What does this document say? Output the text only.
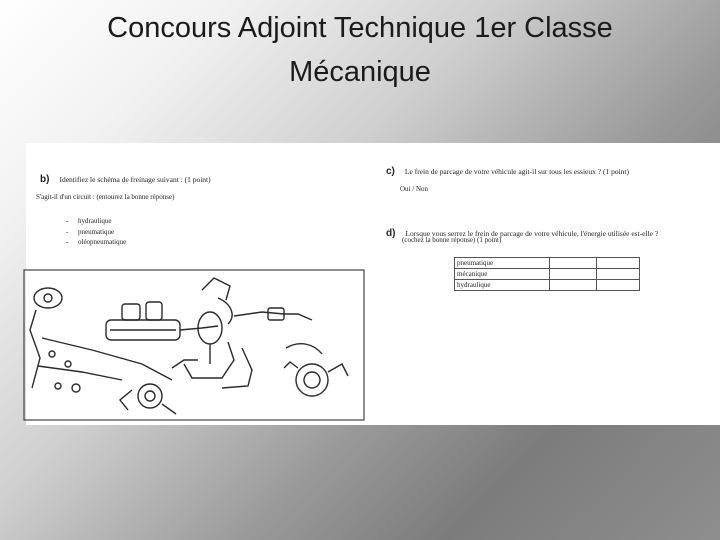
Concours Adjoint Technique 1er Classe
Mécanique
b) Identifiez le schéma de freinage suivant : (1 point)
S'agit-il d'un circuit : (entourez la bonne réponse)
- hydraulique
- pneumatique
- oléopneumatique
c) Le frein de parcage de votre véhicule agit-il sur tous les essieux ? (1 point)
Oui / Non
d) Lorsque vous serrez le frein de parcage de votre véhicule, l'énergie utilisée est-elle ?
(cochez la bonne réponse) (1 point)
pneumatique		
mécanique		
hydraulique		
